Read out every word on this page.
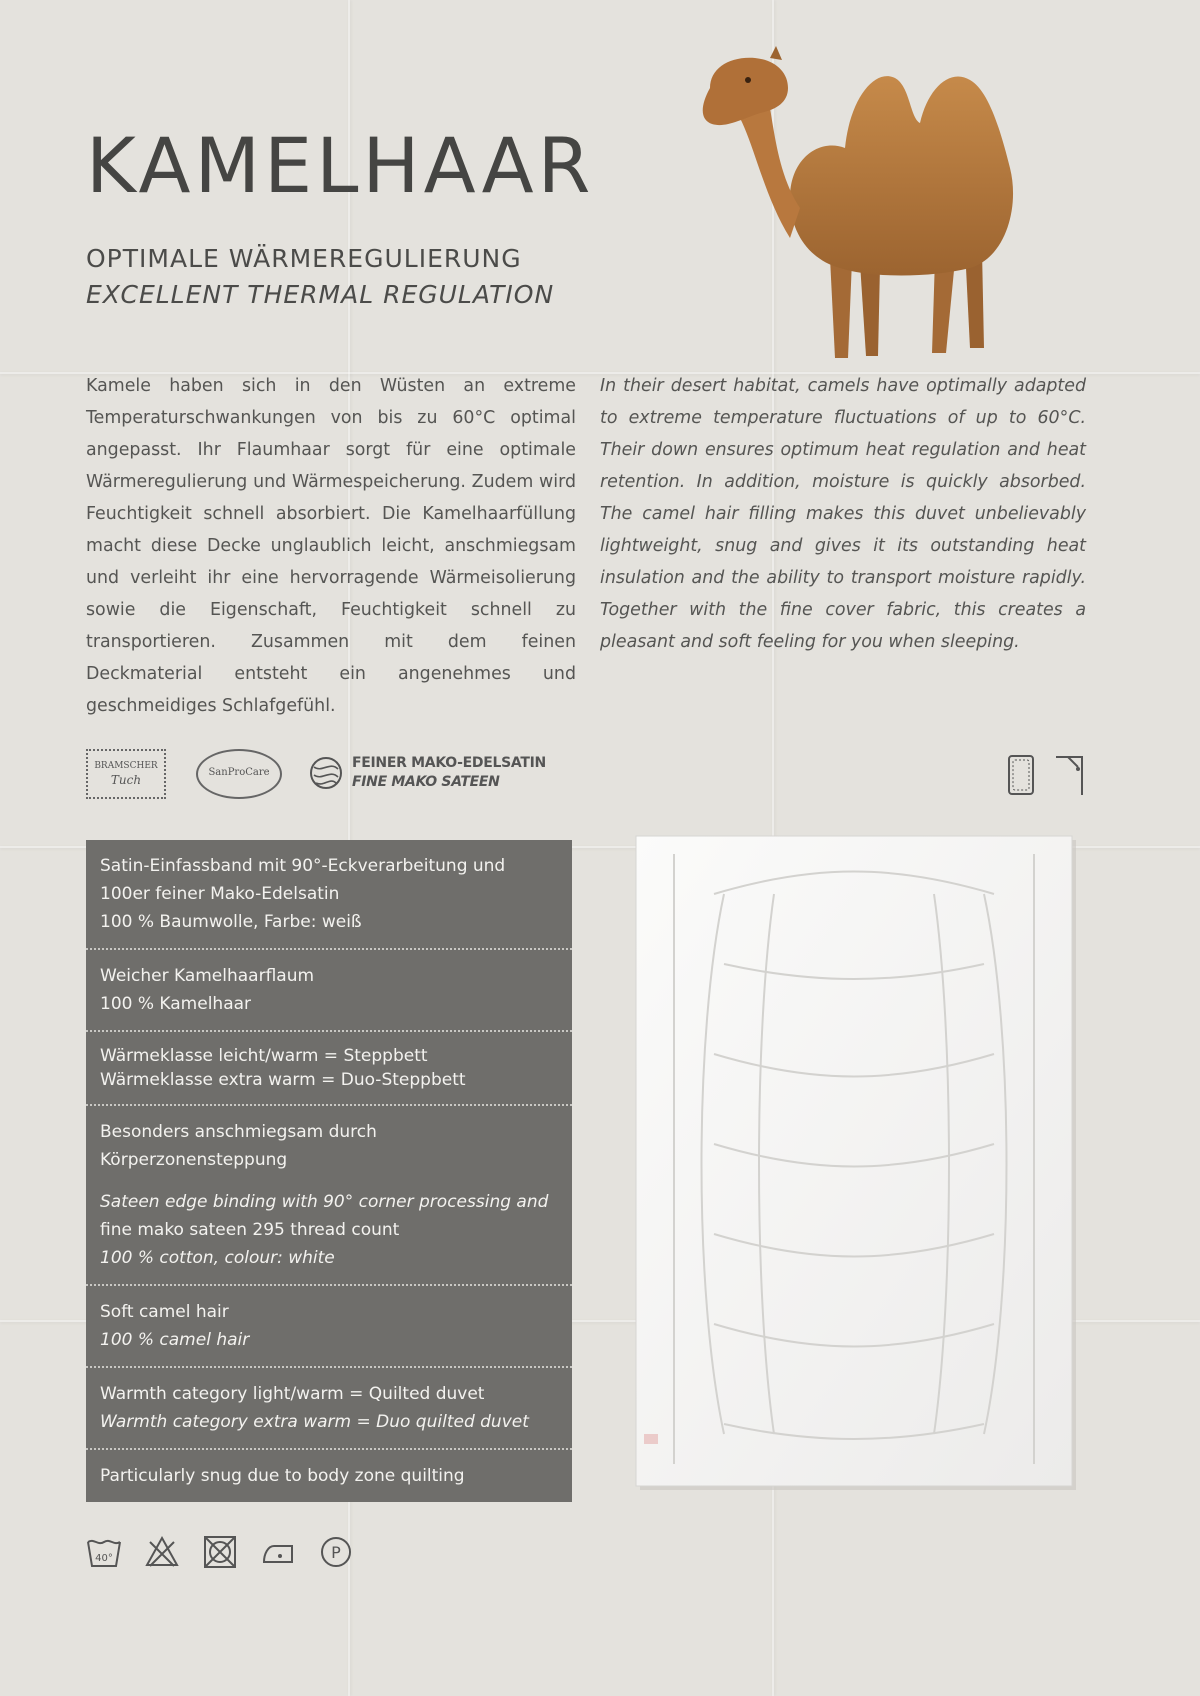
KAMELHAAR
OPTIMALE WÄRMEREGULIERUNG
EXCELLENT THERMAL REGULATION
Kamele haben sich in den Wüsten an extreme Temperaturschwankungen von bis zu 60°C optimal angepasst. Ihr Flaumhaar sorgt für eine optimale Wärmeregulierung und Wärmespeicherung. Zudem wird Feuchtigkeit schnell absorbiert. Die Kamelhaarfüllung macht diese Decke unglaublich leicht, anschmiegsam und verleiht ihr eine hervorragende Wärmeisolierung sowie die Eigenschaft, Feuchtigkeit schnell zu transportieren. Zusammen mit dem feinen Deckmaterial entsteht ein angenehmes und geschmeidiges Schlafgefühl.
In their desert habitat, camels have optimally adapted to extreme temperature fluctuations of up to 60°C. Their down ensures optimum heat regulation and heat retention. In addition, moisture is quickly absorbed. The camel hair filling makes this duvet unbelievably lightweight, snug and gives it its outstanding heat insulation and the ability to transport moisture rapidly. Together with the fine cover fabric, this creates a pleasant and soft feeling for you when sleeping.
BRAMSCHER
Tuch
SanProCare
FEINER MAKO-EDELSATIN
FINE MAKO SATEEN
Satin-Einfassband mit 90°-Eckverarbeitung und
100er feiner Mako-Edelsatin
100 % Baumwolle, Farbe: weiß
Weicher Kamelhaarflaum
100 % Kamelhaar
Wärmeklasse leicht/warm = Steppbett
Wärmeklasse extra warm = Duo-Steppbett
Besonders anschmiegsam durch Körperzonensteppung
Sateen edge binding with 90° corner processing and
fine mako sateen 295 thread count
100 % cotton, colour: white
Soft camel hair
100 % camel hair
Warmth category light/warm = Quilted duvet
Warmth category extra warm = Duo quilted duvet
Particularly snug due to body zone quilting
40°	P
